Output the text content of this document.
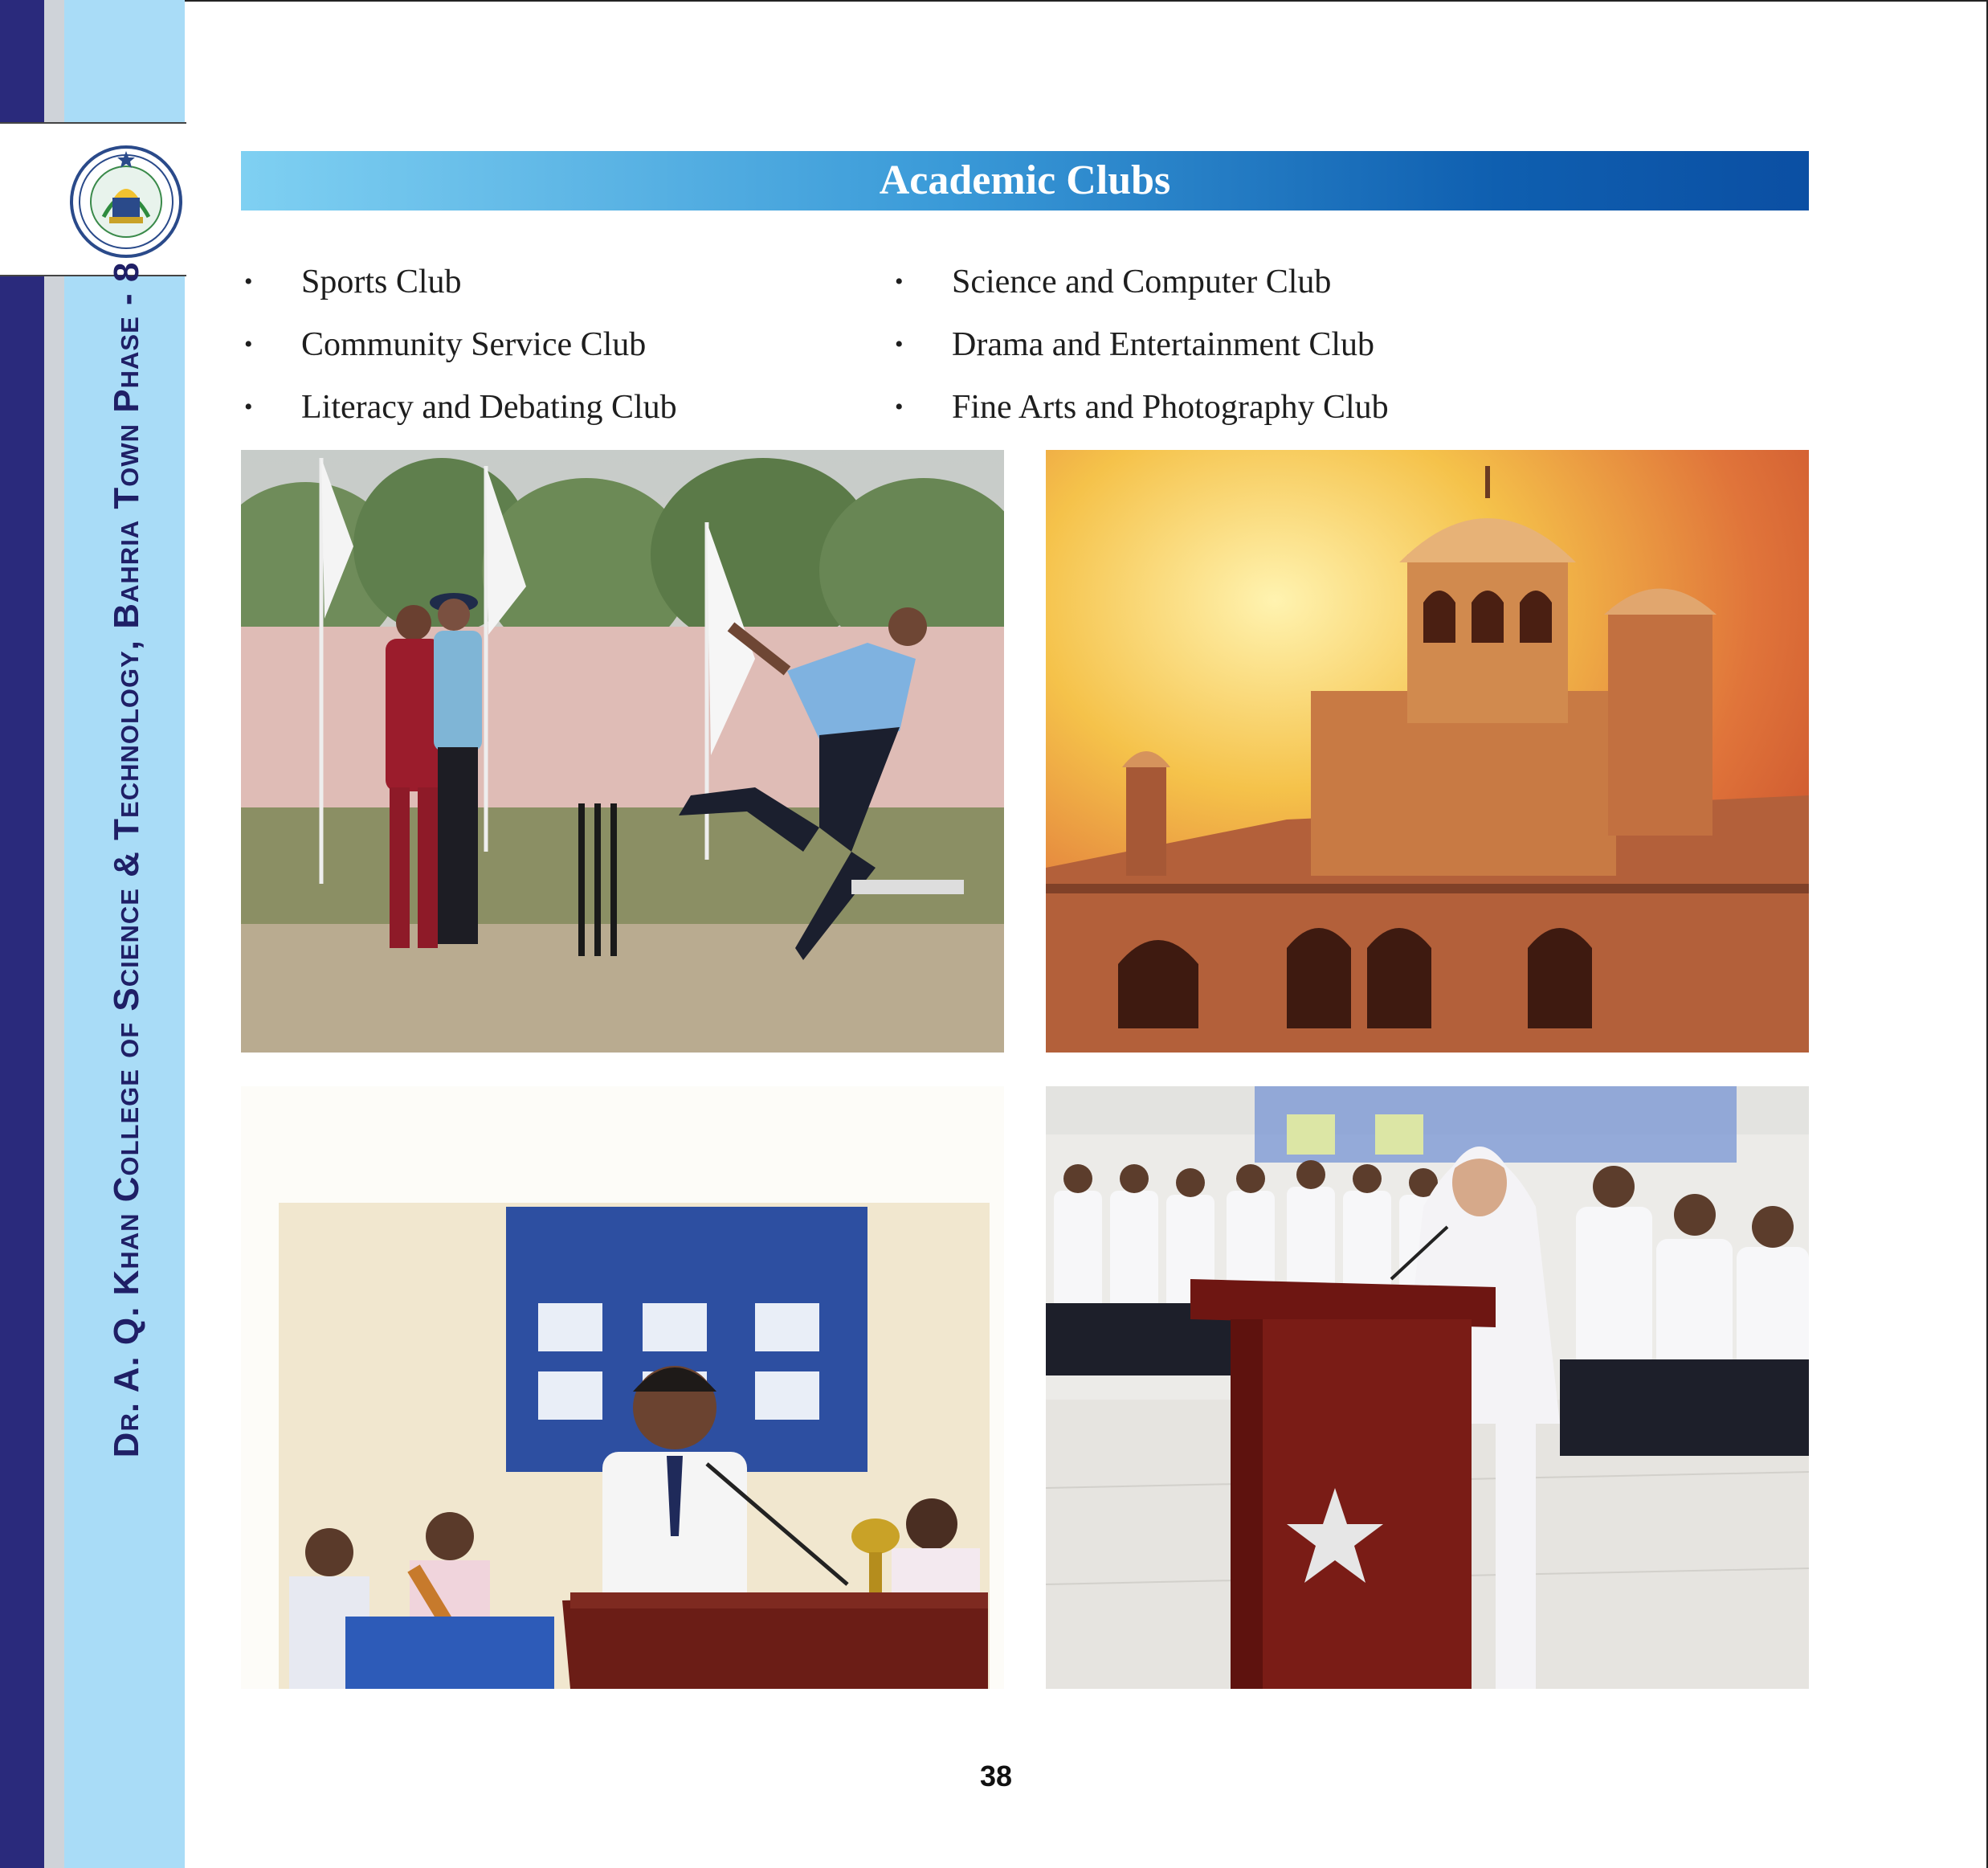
Dr. A. Q. Khan College of Science & Technology, Bahria Town Phase - 8
Academic Clubs
• Sports Club
• Community Service Club
• Literacy and Debating Club
• Science and Computer Club
• Drama and Entertainment Club
• Fine Arts and Photography Club
38
